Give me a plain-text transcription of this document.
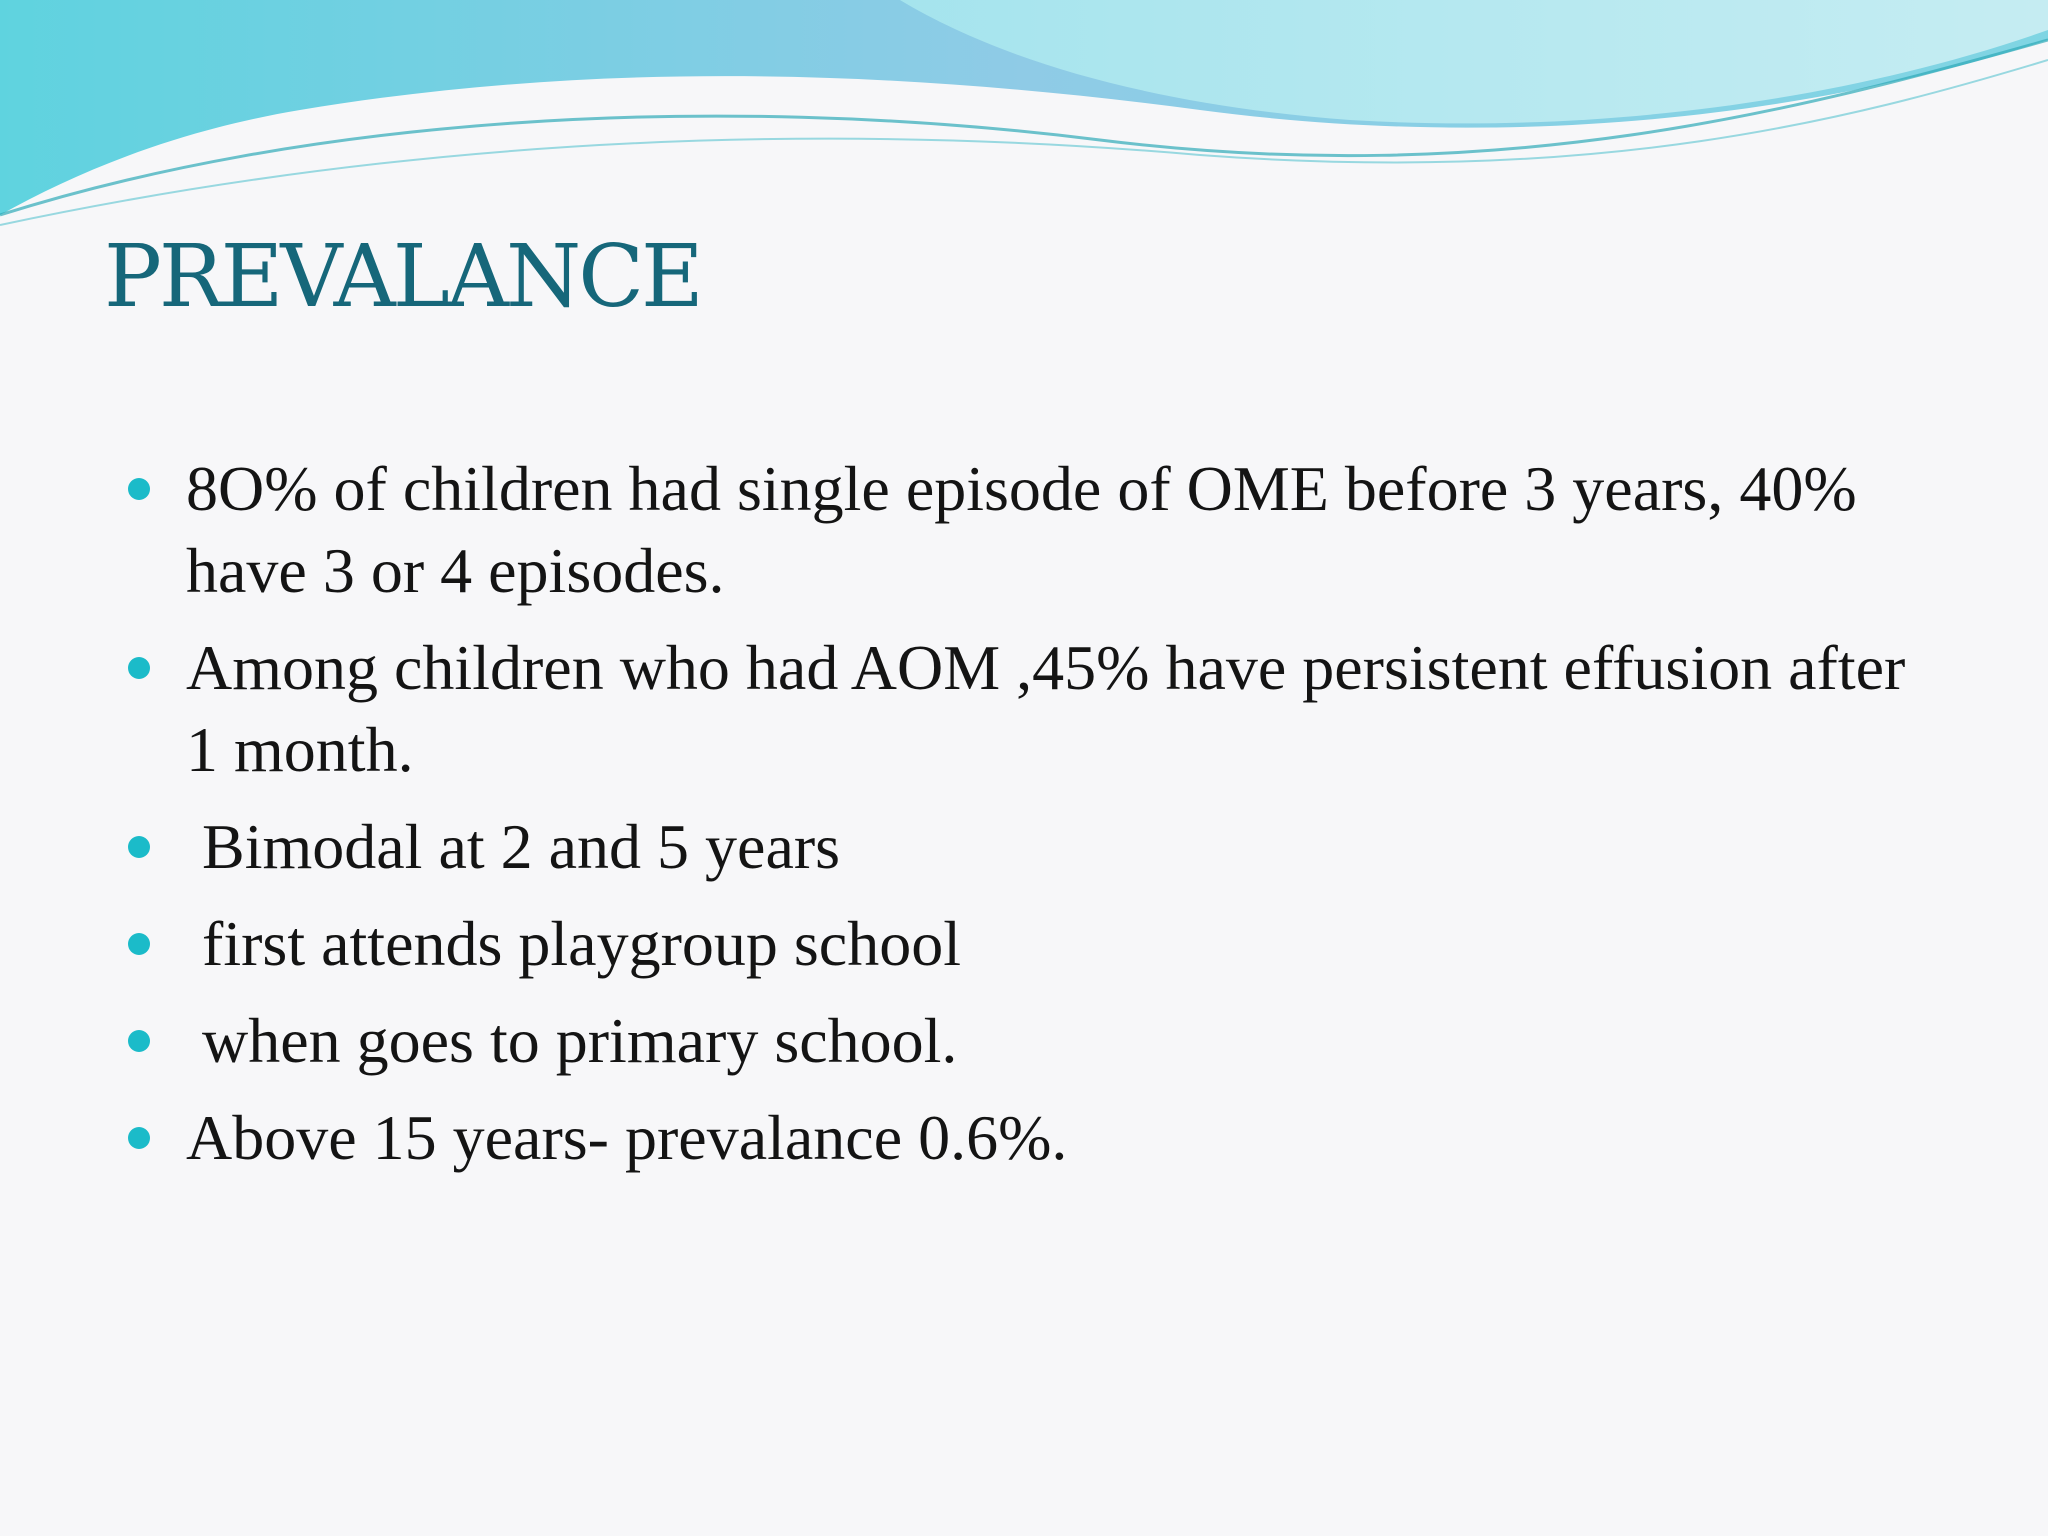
PREVALANCE
8O% of children had single episode of OME before 3 years, 40% have 3 or 4 episodes.
Among children who had AOM ,45% have persistent effusion after 1 month.
Bimodal at 2 and 5 years
first attends playgroup school
when goes to primary school.
Above 15 years- prevalance 0.6%.
